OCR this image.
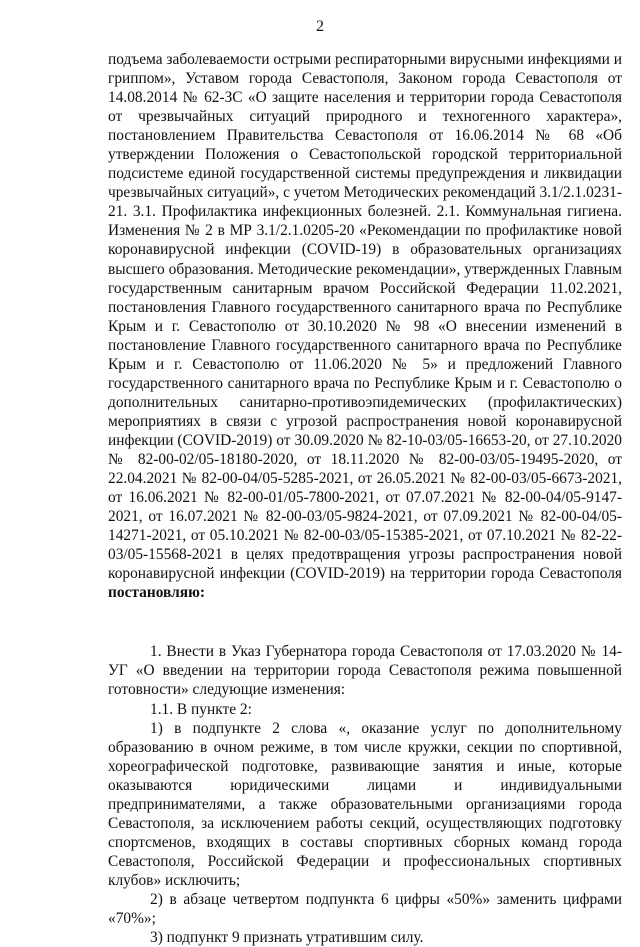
2

подъема заболеваемости острыми респираторными вирусными инфекциями и гриппом», Уставом города Севастополя, Законом города Севастополя от 14.08.2014 № 62-ЗС «О защите населения и территории города Севастополя от чрезвычайных ситуаций природного и техногенного характера», постановлением Правительства Севастополя от 16.06.2014 № 68 «Об утверждении Положения о Севастопольской городской территориальной подсистеме единой государственной системы предупреждения и ликвидации чрезвычайных ситуаций», с учетом Методических рекомендаций 3.1/2.1.0231-21. 3.1. Профилактика инфекционных болезней. 2.1. Коммунальная гигиена. Изменения № 2 в МР 3.1/2.1.0205-20 «Рекомендации по профилактике новой коронавирусной инфекции (COVID-19) в образовательных организациях высшего образования. Методические рекомендации», утвержденных Главным государственным санитарным врачом Российской Федерации 11.02.2021, постановления Главного государственного санитарного врача по Республике Крым и г. Севастополю от 30.10.2020 № 98 «О внесении изменений в постановление Главного государственного санитарного врача по Республике Крым и г. Севастополю от 11.06.2020 № 5» и предложений Главного государственного санитарного врача по Республике Крым и г. Севастополю о дополнительных санитарно-противоэпидемических (профилактических) мероприятиях в связи с угрозой распространения новой коронавирусной инфекции (COVID-2019) от 30.09.2020 № 82-10-03/05-16653-20, от 27.10.2020 № 82-00-02/05-18180-2020, от 18.11.2020 № 82-00-03/05-19495-2020, от 22.04.2021 № 82-00-04/05-5285-2021, от 26.05.2021 № 82-00-03/05-6673-2021, от 16.06.2021 № 82-00-01/05-7800-2021, от 07.07.2021 № 82-00-04/05-9147-2021, от 16.07.2021 № 82-00-03/05-9824-2021, от 07.09.2021 № 82-00-04/05-14271-2021, от 05.10.2021 № 82-00-03/05-15385-2021, от 07.10.2021 № 82-22-03/05-15568-2021 в целях предотвращения угрозы распространения новой коронавирусной инфекции (COVID-2019) на территории города Севастополя постановляю:

1. Внести в Указ Губернатора города Севастополя от 17.03.2020 № 14-УГ «О введении на территории города Севастополя режима повышенной готовности» следующие изменения:

1.1. В пункте 2:

1) в подпункте 2 слова «, оказание услуг по дополнительному образованию в очном режиме, в том числе кружки, секции по спортивной, хореографической подготовке, развивающие занятия и иные, которые оказываются юридическими лицами и индивидуальными предпринимателями, а также образовательными организациями города Севастополя, за исключением работы секций, осуществляющих подготовку спортсменов, входящих в составы спортивных сборных команд города Севастополя, Российской Федерации и профессиональных спортивных клубов» исключить;

2) в абзаце четвертом подпункта 6 цифры «50%» заменить цифрами «70%»;

3) подпункт 9 признать утратившим силу.
